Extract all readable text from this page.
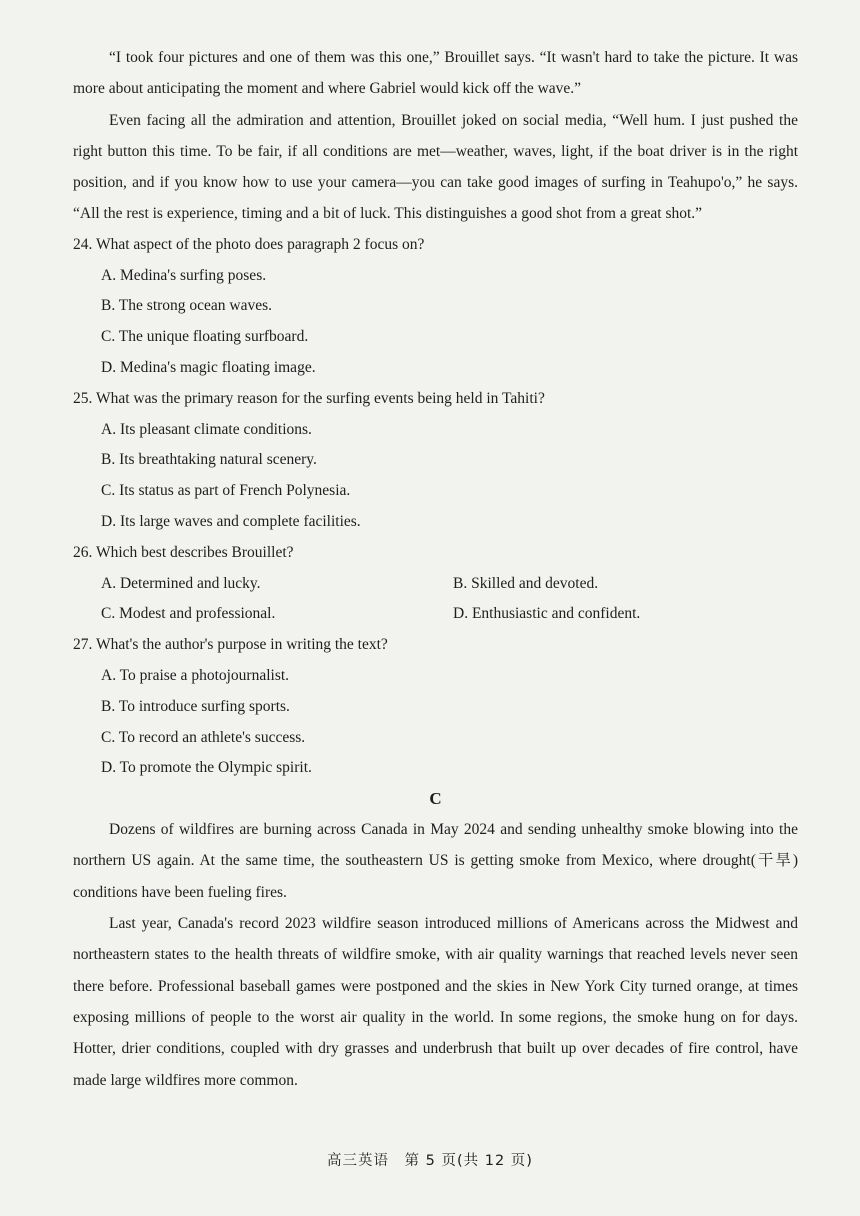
“I took four pictures and one of them was this one,” Brouillet says. “It wasn't hard to take the picture. It was more about anticipating the moment and where Gabriel would kick off the wave.”

Even facing all the admiration and attention, Brouillet joked on social media, “Well hum. I just pushed the right button this time. To be fair, if all conditions are met—weather, waves, light, if the boat driver is in the right position, and if you know how to use your camera—you can take good images of surfing in Teahupo'o,” he says. “All the rest is experience, timing and a bit of luck. This distinguishes a good shot from a great shot.”

24. What aspect of the photo does paragraph 2 focus on?

A. Medina's surfing poses.

B. The strong ocean waves.

C. The unique floating surfboard.

D. Medina's magic floating image.

25. What was the primary reason for the surfing events being held in Tahiti?

A. Its pleasant climate conditions.

B. Its breathtaking natural scenery.

C. Its status as part of French Polynesia.

D. Its large waves and complete facilities.

26. Which best describes Brouillet?

A. Determined and lucky.	B. Skilled and devoted.
C. Modest and professional.	D. Enthusiastic and confident.

27. What's the author's purpose in writing the text?

A. To praise a photojournalist.

B. To introduce surfing sports.

C. To record an athlete's success.

D. To promote the Olympic spirit.

C

Dozens of wildfires are burning across Canada in May 2024 and sending unhealthy smoke blowing into the northern US again. At the same time, the southeastern US is getting smoke from Mexico, where drought(干旱) conditions have been fueling fires.

Last year, Canada's record 2023 wildfire season introduced millions of Americans across the Midwest and northeastern states to the health threats of wildfire smoke, with air quality warnings that reached levels never seen there before. Professional baseball games were postponed and the skies in New York City turned orange, at times exposing millions of people to the worst air quality in the world. In some regions, the smoke hung on for days. Hotter, drier conditions, coupled with dry grasses and underbrush that built up over decades of fire control, have made large wildfires more common.

高三英语　第 5 页(共 12 页)
